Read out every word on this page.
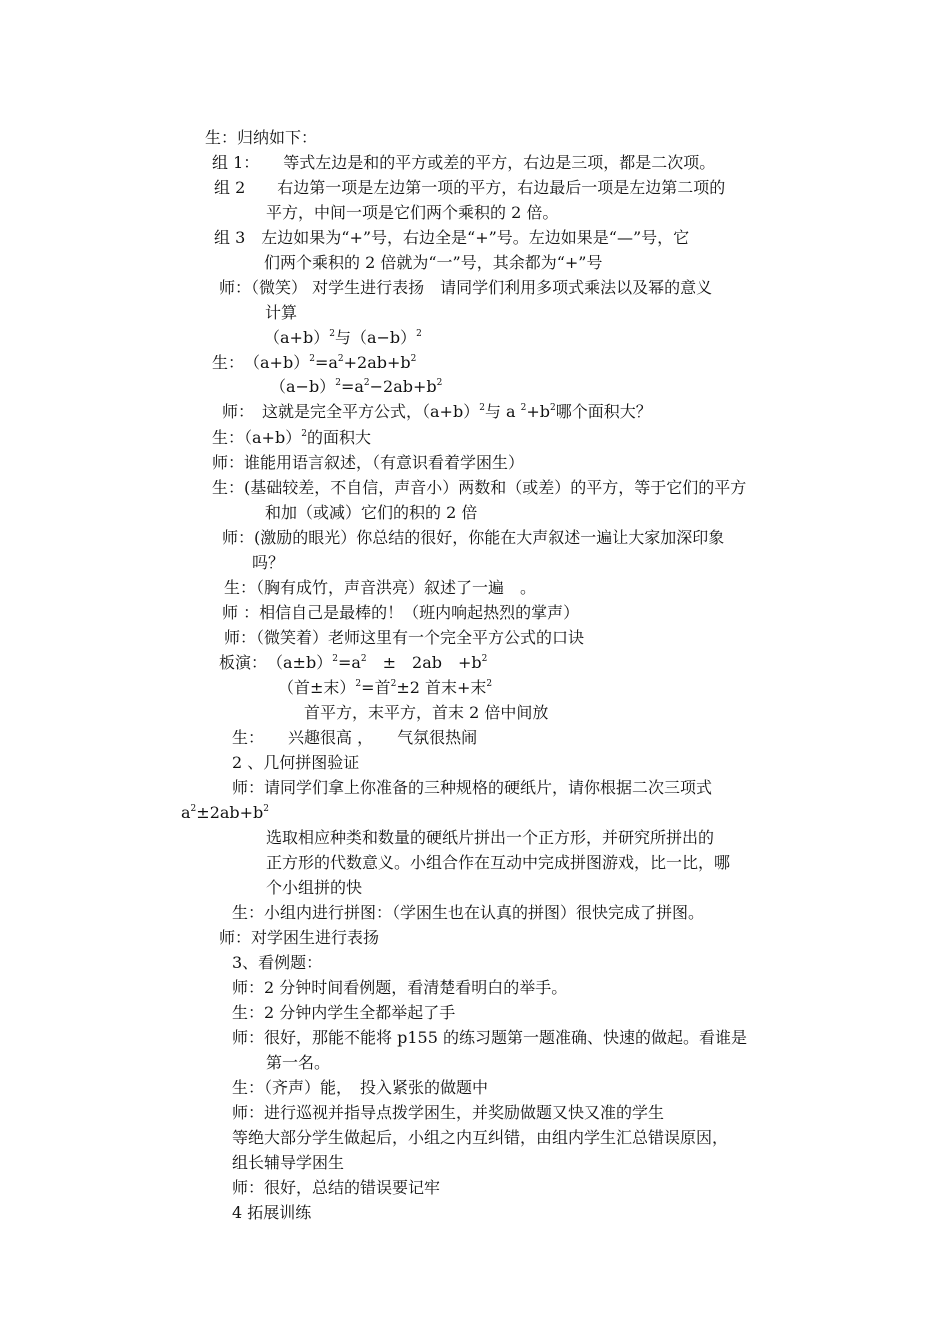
生：归纳如下：
组 1：　　等式左边是和的平方或差的平方，右边是三项，都是二次项。
组 2　　右边第一项是左边第一项的平方，右边最后一项是左边第二项的
平方，中间一项是它们两个乘积的 2 倍。
组 3　左边如果为“+”号，右边全是“+”号。左边如果是“—”号，它
们两个乘积的 2 倍就为“一”号，其余都为“+”号
师：（微笑） 对学生进行表扬　请同学们利用多项式乘法以及幂的意义
计算
$(a+b)^2$与$(a-b)^2$
生：　$(a+b)^2=a^2+2ab+b^2$
$(a-b)^2=a^2-2ab+b^2$
师：　这就是完全平方公式，$(a+b)^2$与 a $^2+b^2$哪个面积大？
生：$(a+b)^2$的面积大
师：谁能用语言叙述，（有意识看着学困生）
生：(基础较差，不自信，声音小）两数和（或差）的平方，等于它们的平方
和加（或减）它们的积的 2 倍
师：(激励的眼光）你总结的很好，你能在大声叙述一遍让大家加深印象
吗？
生：（胸有成竹，声音洪亮）叙述了一遍　。
师 ：相信自己是最棒的！（班内响起热烈的掌声）
师：（微笑着）老师这里有一个完全平方公式的口诀
板演：　$(a\pm b)^2=a^2$　±　2ab　$+b^2$
（首±末）$^2$=首$^2$±2 首末+末$^2$
首平方，末平方，首末 2 倍中间放
生：　　兴趣很高 ，　　气氛很热闹
2 、几何拼图验证
师：请同学们拿上你准备的三种规格的硬纸片，请你根据二次三项式
$a^2\pm 2ab+b^2$
选取相应种类和数量的硬纸片拼出一个正方形，并研究所拼出的
正方形的代数意义。小组合作在互动中完成拼图游戏，比一比，哪
个小组拼的快
生：小组内进行拼图：（学困生也在认真的拼图）很快完成了拼图。
师：对学困生进行表扬
3、看例题：
师：2 分钟时间看例题，看清楚看明白的举手。
生：2 分钟内学生全都举起了手
师：很好，那能不能将 p155 的练习题第一题准确、快速的做起。看谁是
第一名。
生：（齐声）能，　投入紧张的做题中
师：进行巡视并指导点拨学困生，并奖励做题又快又准的学生
等绝大部分学生做起后，小组之内互纠错，由组内学生汇总错误原因，
组长辅导学困生
师：很好，总结的错误要记牢
4 拓展训练
